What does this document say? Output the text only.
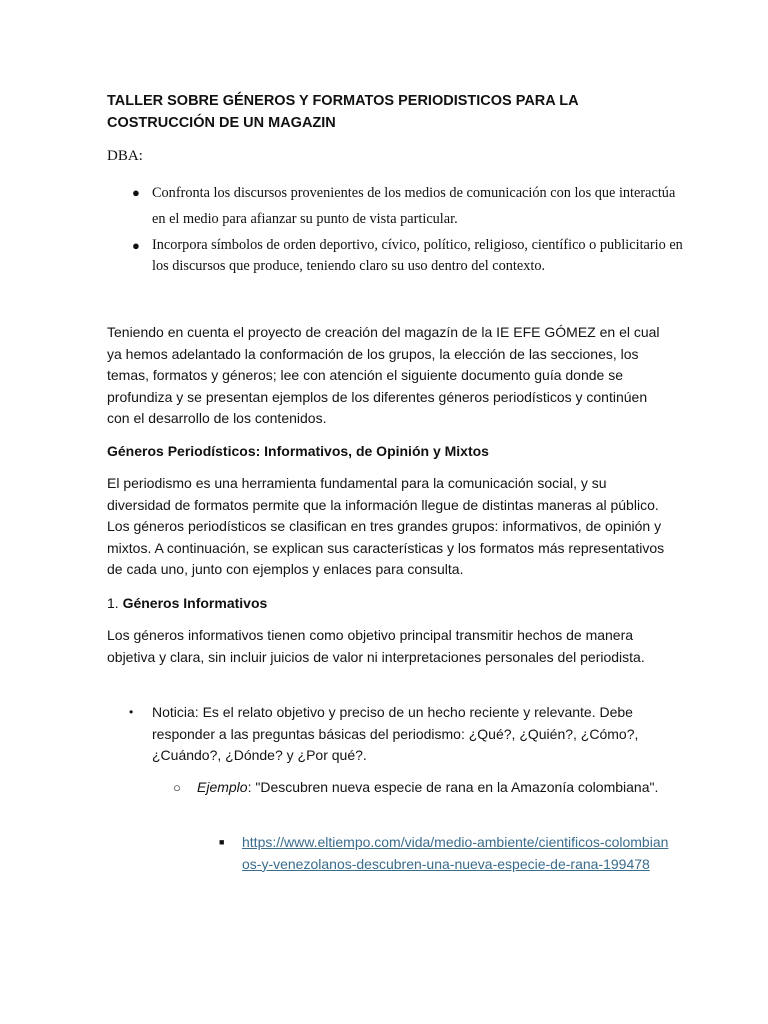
TALLER SOBRE GÉNEROS Y FORMATOS PERIODISTICOS PARA LA COSTRUCCIÓN DE UN MAGAZIN
DBA:
● Confronta los discursos provenientes de los medios de comunicación con los que interactúa en el medio para afianzar su punto de vista particular.
● Incorpora símbolos de orden deportivo, cívico, político, religioso, científico o publicitario en los discursos que produce, teniendo claro su uso dentro del contexto.
Teniendo en cuenta el proyecto de creación del magazín de la IE EFE GÓMEZ en el cual ya hemos adelantado la conformación de los grupos, la elección de las secciones, los temas, formatos y géneros; lee con atención el siguiente documento guía donde se profundiza y se presentan ejemplos de los diferentes géneros periodísticos y continúen con el desarrollo de los contenidos.
Géneros Periodísticos: Informativos, de Opinión y Mixtos
El periodismo es una herramienta fundamental para la comunicación social, y su diversidad de formatos permite que la información llegue de distintas maneras al público. Los géneros periodísticos se clasifican en tres grandes grupos: informativos, de opinión y mixtos. A continuación, se explican sus características y los formatos más representativos de cada uno, junto con ejemplos y enlaces para consulta.
1. Géneros Informativos
Los géneros informativos tienen como objetivo principal transmitir hechos de manera objetiva y clara, sin incluir juicios de valor ni interpretaciones personales del periodista.
•	Noticia: Es el relato objetivo y preciso de un hecho reciente y relevante. Debe responder a las preguntas básicas del periodismo: ¿Qué?, ¿Quién?, ¿Cómo?, ¿Cuándo?, ¿Dónde? y ¿Por qué?.
○	Ejemplo: "Descubren nueva especie de rana en la Amazonía colombiana".
■	https://www.eltiempo.com/vida/medio-ambiente/cientificos-colombianos-y-venezolanos-descubren-una-nueva-especie-de-rana-199478
